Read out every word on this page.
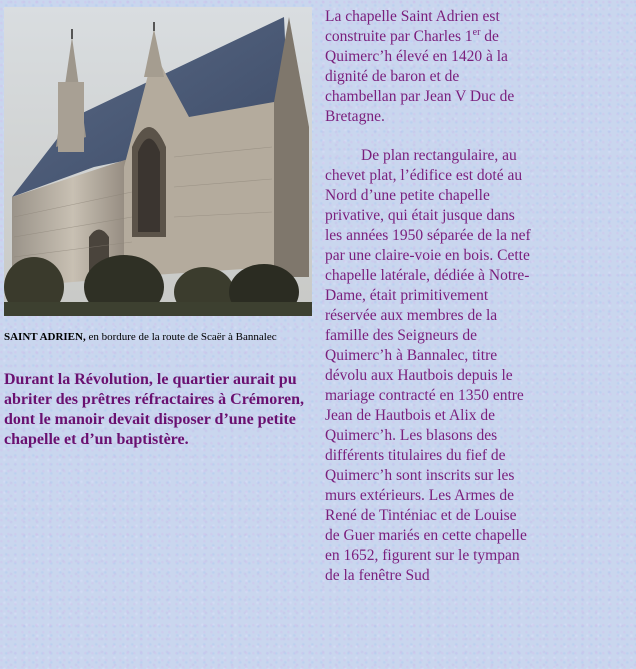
SAINT ADRIEN, en bordure de la route de Scaër à Bannalec
Durant la Révolution, le quartier aurait pu abriter des prêtres réfractaires à Crémoren, dont le manoir devait disposer d’une petite chapelle et d’un baptistère.

La chapelle Saint Adrien est construite par Charles 1er de Quimerc’h élevé en 1420 à la dignité de baron et de chambellan par Jean V Duc de Bretagne.

De plan rectangulaire, au chevet plat, l’édifice est doté au Nord d’une petite chapelle privative, qui était jusque dans les années 1950 séparée de la nef par une claire-voie en bois. Cette chapelle latérale, dédiée à Notre-Dame, était primitivement réservée aux membres de la famille des Seigneurs de Quimerc’h à Bannalec, titre dévolu aux Hautbois depuis le mariage contracté en 1350 entre Jean de Hautbois et Alix de Quimerc’h. Les blasons des différents titulaires du fief de Quimerc’h sont inscrits sur les murs extérieurs. Les Armes de René de Tinténiac et de Louise de Guer mariés en cette chapelle en 1652, figurent sur le tympan de la fenêtre Sud
